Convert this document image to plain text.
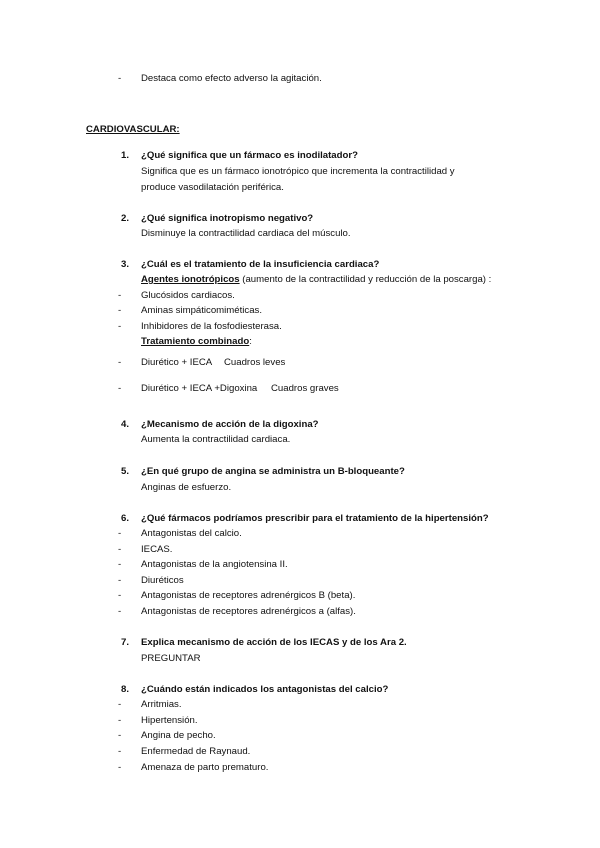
- Destaca como efecto adverso la agitación.
CARDIOVASCULAR:
1. ¿Qué significa que un fármaco es inodilatador?
Significa que es un fármaco ionotrópico que incrementa la contractilidad y
produce vasodilatación periférica.
2. ¿Qué significa inotropismo negativo?
Disminuye la contractilidad cardiaca del músculo.
3. ¿Cuál es el tratamiento de la insuficiencia cardiaca?
Agentes ionotrópicos (aumento de la contractilidad y reducción de la poscarga) :
- Glucósidos cardiacos.
- Aminas simpáticomiméticas.
- Inhibidores de la fosfodiesterasa.
Tratamiento combinado:
- Diurético + IECA Cuadros leves
- Diurético + IECA +Digoxina Cuadros graves
4. ¿Mecanismo de acción de la digoxina?
Aumenta la contractilidad cardiaca.
5. ¿En qué grupo de angina se administra un B-bloqueante?
Anginas de esfuerzo.
6. ¿Qué fármacos podríamos prescribir para el tratamiento de la hipertensión?
- Antagonistas del calcio.
- IECAS.
- Antagonistas de la angiotensina II.
- Diuréticos
- Antagonistas de receptores adrenérgicos B (beta).
- Antagonistas de receptores adrenérgicos a (alfas).
7. Explica mecanismo de acción de los IECAS y de los Ara 2.
PREGUNTAR
8. ¿Cuándo están indicados los antagonistas del calcio?
- Arritmias.
- Hipertensión.
- Angina de pecho.
- Enfermedad de Raynaud.
- Amenaza de parto prematuro.
